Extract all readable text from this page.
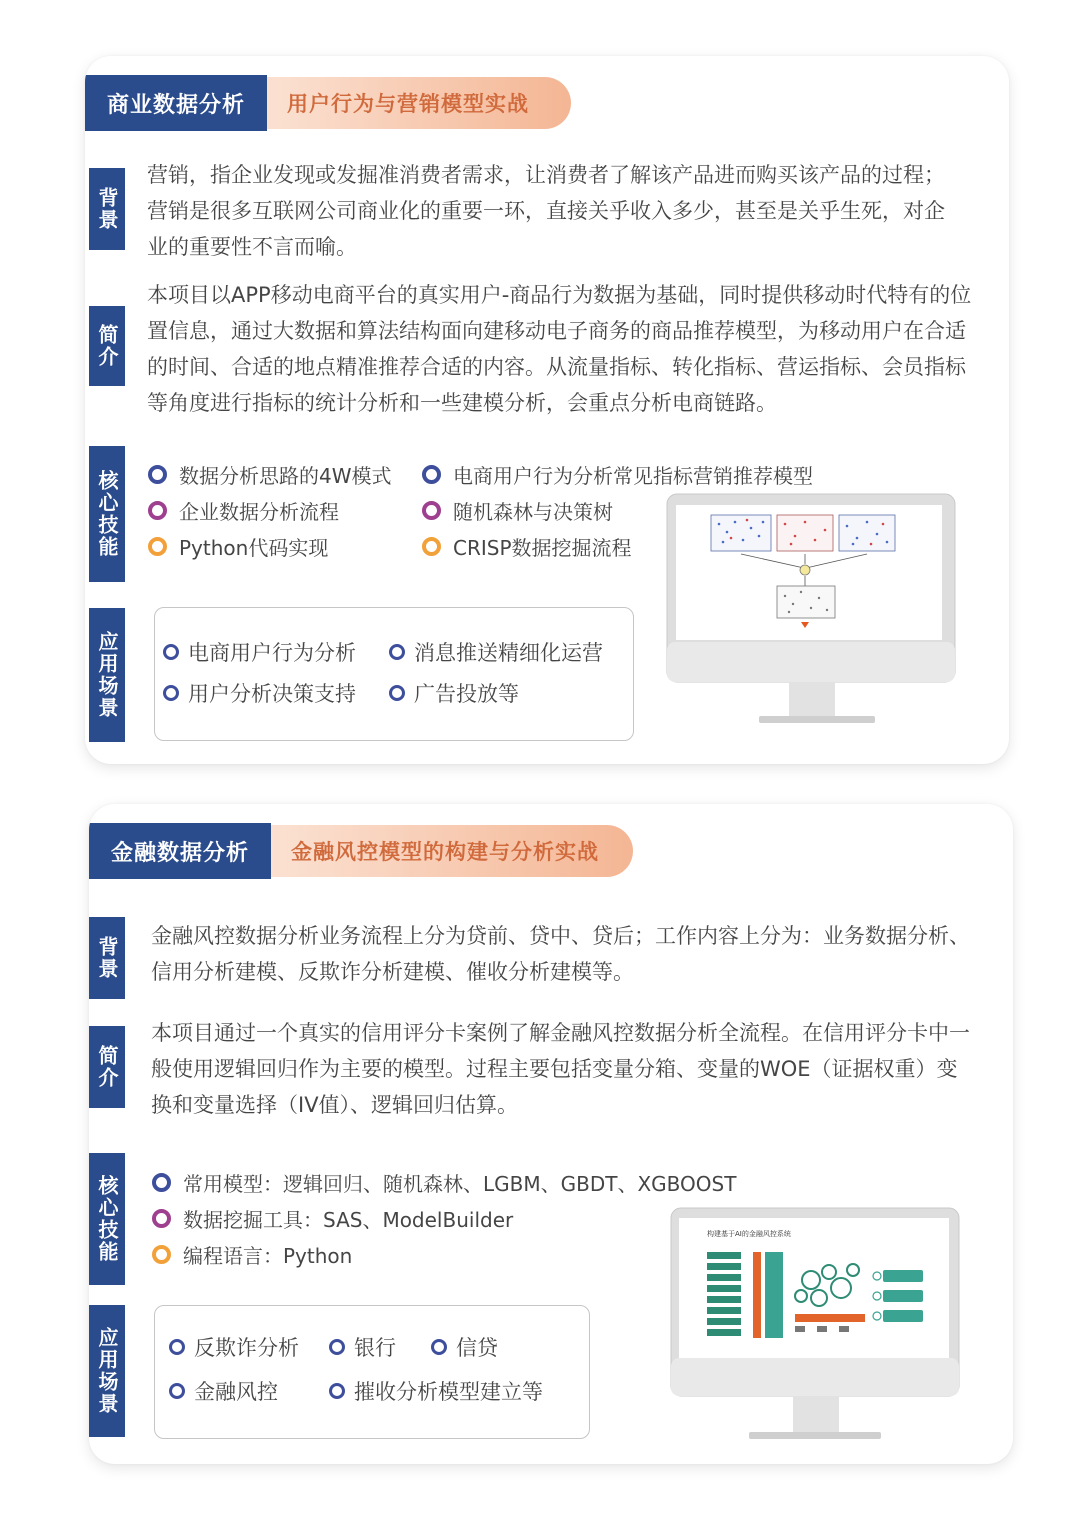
商业数据分析	用户行为与营销模型实战
背景

营销，指企业发现或发掘准消费者需求，让消费者了解该产品进而购买该产品的过程；营销是很多互联网公司商业化的重要一环，直接关乎收入多少，甚至是关乎生死，对企业的重要性不言而喻。

简介

本项目以APP移动电商平台的真实用户-商品行为数据为基础，同时提供移动时代特有的位置信息，通过大数据和算法结构面向建移动电子商务的商品推荐模型，为移动用户在合适的时间、合适的地点精准推荐合适的内容。从流量指标、转化指标、营运指标、会员指标等角度进行指标的统计分析和一些建模分析，会重点分析电商链路。

核心技能	数据分析思路的4W模式
企业数据分析流程
Python代码实现
电商用户行为分析常见指标营销推荐模型
随机森林与决策树
CRISP数据挖掘流程
应用场景	电商用户行为分析	消息推送精细化运营
用户分析决策支持	广告投放等
金融数据分析	金融风控模型的构建与分析实战
背景 金融风控数据分析业务流程上分为贷前、贷中、贷后；工作内容上分为：业务数据分析、信用分析建模、反欺诈分析建模、催收分析建模等。

简介

本项目通过一个真实的信用评分卡案例了解金融风控数据分析全流程。在信用评分卡中一般使用逻辑回归作为主要的模型。过程主要包括变量分箱、变量的WOE（证据权重）变换和变量选择（IV值）、逻辑回归估算。

核心技能	常用模型：逻辑回归、随机森林、LGBM、GBDT、XGBOOST
数据挖掘工具：SAS、ModelBuilder
编程语言：Python
应用场景	反欺诈分析	银行	信贷
金融风控	摧收分析模型建立等
构建基于AI的金融风控系统
